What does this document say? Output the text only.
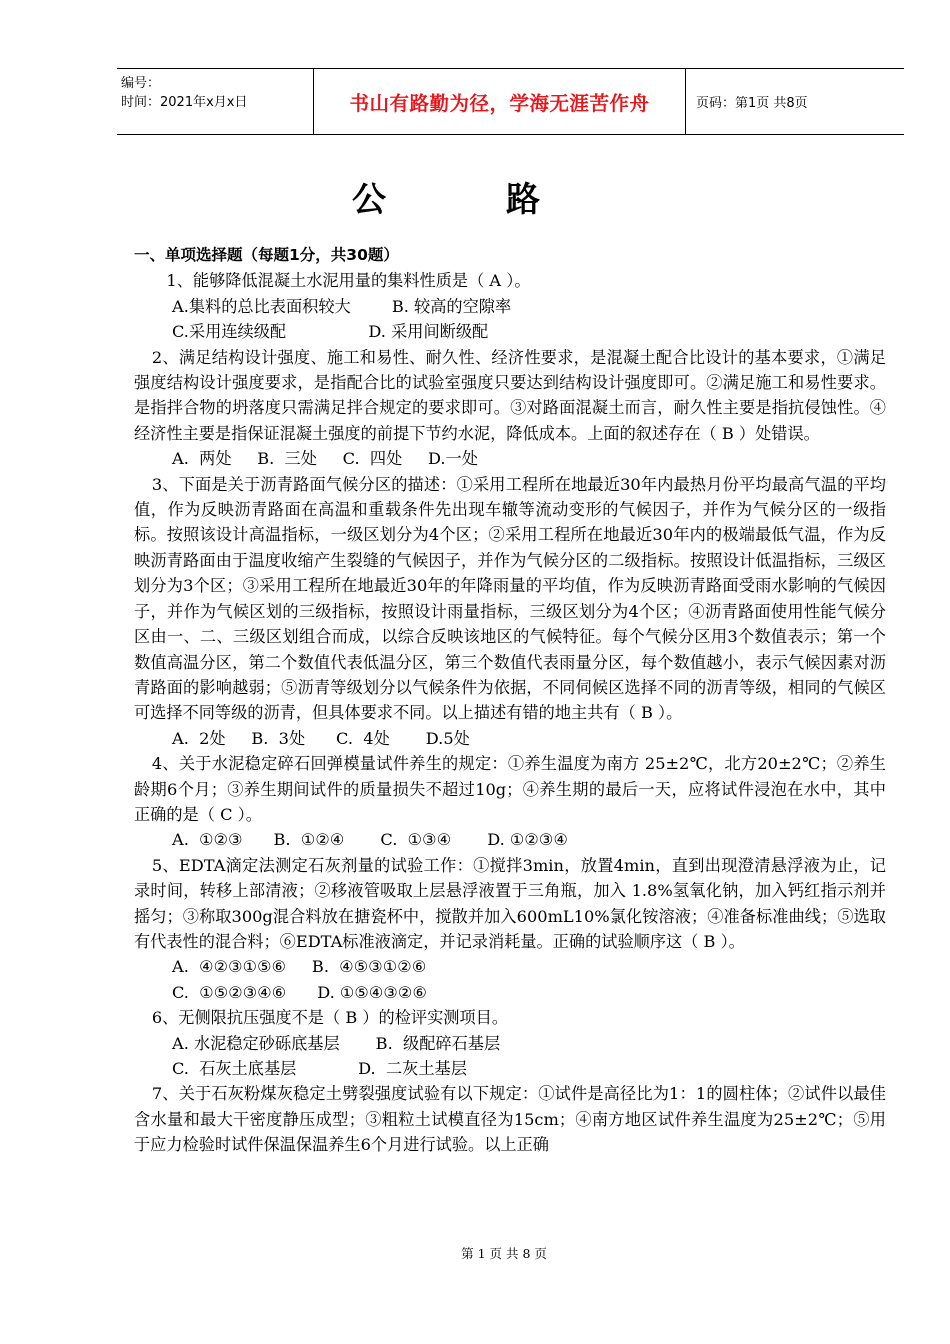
编号：
时间：2021年x月x日	书山有路勤为径，学海无涯苦作舟	页码：第1页 共8页
公路
一、单项选择题（每题1分，共30题）
1、能够降低混凝土水泥用量的集料性质是（ A ）。
A.集料的总比表面积较大        B. 较高的空隙率
C.采用连续级配                D. 采用间断级配
2、满足结构设计强度、施工和易性、耐久性、经济性要求，是混凝土配合比设计的基本要求，①满足强度结构设计强度要求，是指配合比的试验室强度只要达到结构设计强度即可。②满足施工和易性要求。是指拌合物的坍落度只需满足拌合规定的要求即可。③对路面混凝土而言，耐久性主要是指抗侵蚀性。④经济性主要是指保证混凝土强度的前提下节约水泥，降低成本。上面的叙述存在（ B ）处错误。
A.  两处     B.  三处     C.  四处     D.一处
3、下面是关于沥青路面气候分区的描述：①采用工程所在地最近30年内最热月份平均最高气温的平均值，作为反映沥青路面在高温和重载条件先出现车辙等流动变形的气候因子，并作为气候分区的一级指标。按照该设计高温指标，一级区划分为4个区；②采用工程所在地最近30年内的极端最低气温，作为反映沥青路面由于温度收缩产生裂缝的气候因子，并作为气候分区的二级指标。按照设计低温指标，三级区划分为3个区；③采用工程所在地最近30年的年降雨量的平均值，作为反映沥青路面受雨水影响的气候因子，并作为气候区划的三级指标，按照设计雨量指标，三级区划分为4个区；④沥青路面使用性能气候分区由一、二、三级区划组合而成，以综合反映该地区的气候特征。每个气候分区用3个数值表示；第一个数值高温分区，第二个数值代表低温分区，第三个数值代表雨量分区，每个数值越小，表示气候因素对沥青路面的影响越弱；⑤沥青等级划分以气候条件为依据，不同伺候区选择不同的沥青等级，相同的气候区可选择不同等级的沥青，但具体要求不同。以上描述有错的地主共有（ B ）。
A.  2处     B.  3处      C.  4处       D.5处
4、关于水泥稳定碎石回弹模量试件养生的规定：①养生温度为南方 25±2℃，北方20±2℃；②养生龄期6个月；③养生期间试件的质量损失不超过10g；④养生期的最后一天，应将试件浸泡在水中，其中正确的是（ C ）。
A.  ①②③      B.  ①②④       C.  ①③④       D. ①②③④
5、EDTA滴定法测定石灰剂量的试验工作：①搅拌3min，放置4min，直到出现澄清悬浮液为止，记录时间，转移上部清液；②移液管吸取上层悬浮液置于三角瓶，加入 1.8%氢氧化钠，加入钙红指示剂并摇匀；③称取300g混合料放在搪瓷杯中，搅散并加入600mL10%氯化铵溶液；④准备标准曲线；⑤选取有代表性的混合料；⑥EDTA标准液滴定，并记录消耗量。正确的试验顺序这（ B ）。
A.  ④②③①⑤⑥     B.  ④⑤③①②⑥
C.  ①⑤②③④⑥      D. ①⑤④③②⑥
6、无侧限抗压强度不是（ B ）的检评实测项目。
A. 水泥稳定砂砾底基层       B.  级配碎石基层
C.  石灰土底基层            D.  二灰土基层
7、关于石灰粉煤灰稳定土劈裂强度试验有以下规定：①试件是高径比为1：1的圆柱体；②试件以最佳含水量和最大干密度静压成型；③粗粒土试模直径为15cm；④南方地区试件养生温度为25±2℃；⑤用于应力检验时试件保温保温养生6个月进行试验。以上正确
第 1 页 共 8 页
